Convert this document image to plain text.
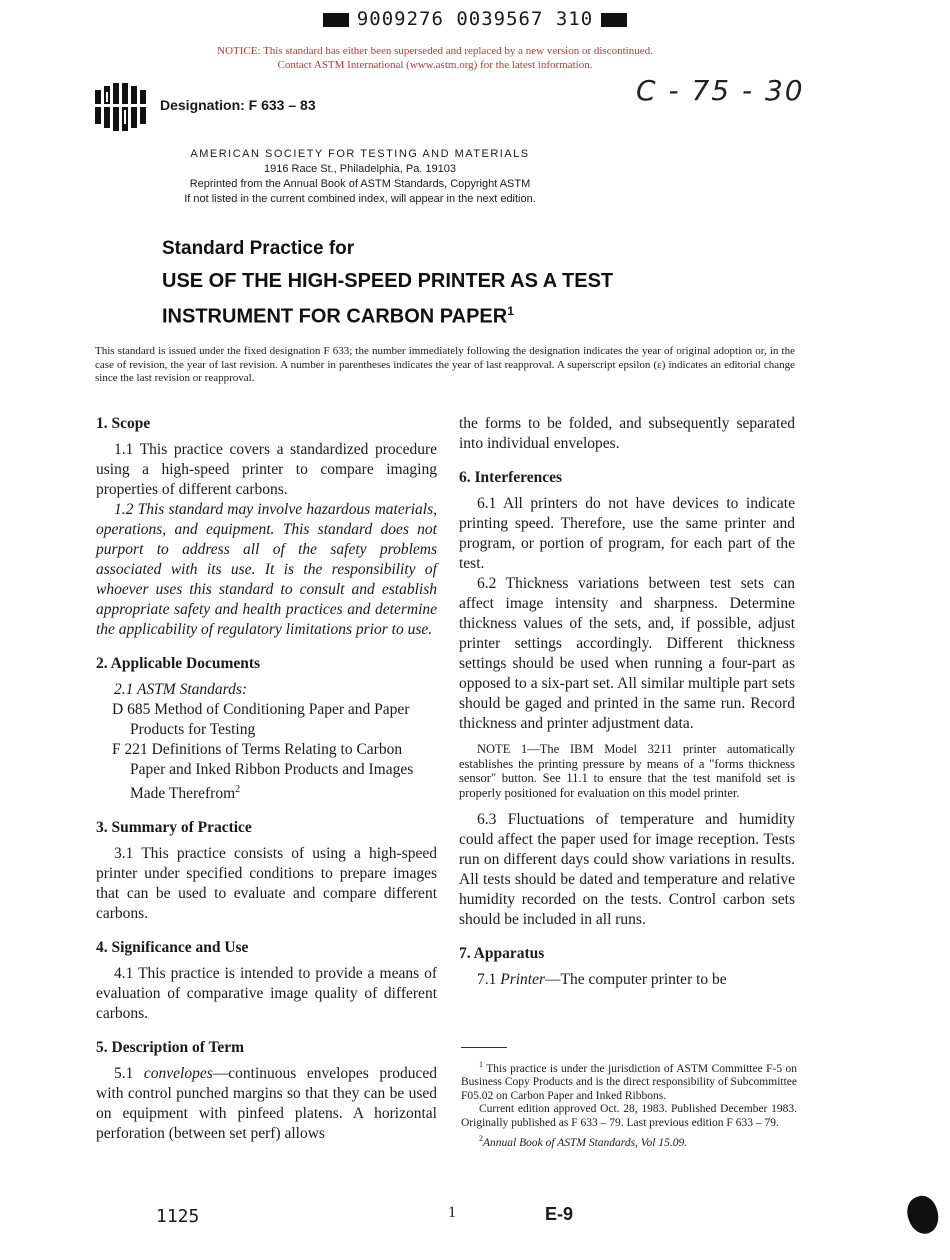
9009276 0039567 310
NOTICE: This standard has either been superseded and replaced by a new version or discontinued.
Contact ASTM International (www.astm.org) for the latest information.
Designation: F 633 – 83	C - 75 - 30
AMERICAN SOCIETY FOR TESTING AND MATERIALS
1916 Race St., Philadelphia, Pa. 19103
Reprinted from the Annual Book of ASTM Standards, Copyright ASTM
If not listed in the current combined index, will appear in the next edition.
Standard Practice for
USE OF THE HIGH-SPEED PRINTER AS A TEST
INSTRUMENT FOR CARBON PAPER$^1$
This standard is issued under the fixed designation F 633; the number immediately following the designation indicates the year of original adoption or, in the case of revision, the year of last revision. A number in parentheses indicates the year of last reapproval. A superscript epsilon (ε) indicates an editorial change since the last revision or reapproval.
1. Scope

1.1 This practice covers a standardized procedure using a high-speed printer to compare imaging properties of different carbons.

1.2 This standard may involve hazardous materials, operations, and equipment. This standard does not purport to address all of the safety problems associated with its use. It is the responsibility of whoever uses this standard to consult and establish appropriate safety and health practices and determine the applicability of regulatory limitations prior to use.

2. Applicable Documents

2.1 ASTM Standards:

D 685 Method of Conditioning Paper and Paper Products for Testing

F 221 Definitions of Terms Relating to Carbon Paper and Inked Ribbon Products and Images Made Therefrom$^2$

3. Summary of Practice

3.1 This practice consists of using a high-speed printer under specified conditions to prepare images that can be used to evaluate and compare different carbons.

4. Significance and Use

4.1 This practice is intended to provide a means of evaluation of comparative image quality of different carbons.

5. Description of Term

5.1 convelopes—continuous envelopes produced with control punched margins so that they can be used on equipment with pinfeed platens. A horizontal perforation (between set perf) allows

the forms to be folded, and subsequently separated into individual envelopes.

6. Interferences

6.1 All printers do not have devices to indicate printing speed. Therefore, use the same printer and program, or portion of program, for each part of the test.

6.2 Thickness variations between test sets can affect image intensity and sharpness. Determine thickness values of the sets, and, if possible, adjust printer settings accordingly. Different thickness settings should be used when running a four-part as opposed to a six-part set. All similar multiple part sets should be gaged and printed in the same run. Record thickness and printer adjustment data.

NOTE 1—The IBM Model 3211 printer automatically establishes the printing pressure by means of a "forms thickness sensor" button. See 11.1 to ensure that the test manifold set is properly positioned for evaluation on this model printer.

6.3 Fluctuations of temperature and humidity could affect the paper used for image reception. Tests run on different days could show variations in results. All tests should be dated and temperature and relative humidity recorded on the tests. Control carbon sets should be included in all runs.

7. Apparatus

7.1 Printer—The computer printer to be

$^1$ This practice is under the jurisdiction of ASTM Committee F-5 on Business Copy Products and is the direct responsibility of Subcommittee F05.02 on Carbon Paper and Inked Ribbons.

Current edition approved Oct. 28, 1983. Published December 1983. Originally published as F 633 – 79. Last previous edition F 633 – 79.

$^2$Annual Book of ASTM Standards, Vol 15.09.

1125	1	E-9
